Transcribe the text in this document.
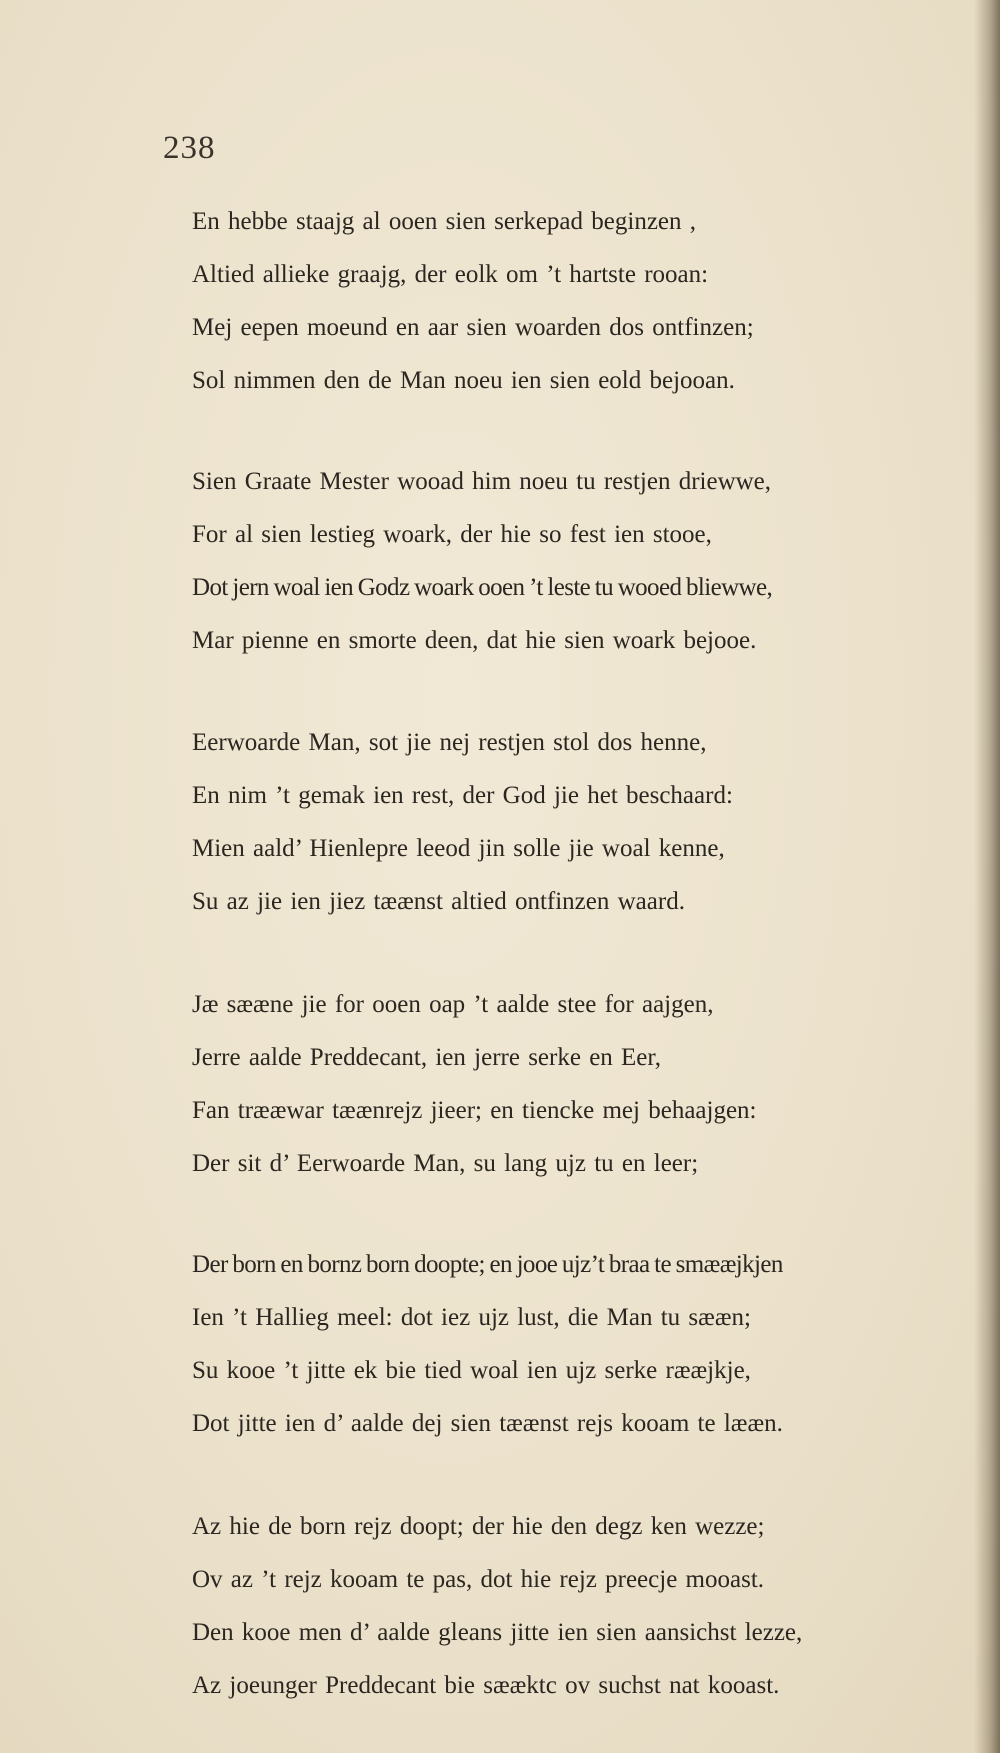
238
En hebbe staajg al ooen sien serkepad beginzen ,
Altied allieke graajg, der eolk om ’t hartste rooan:
Mej eepen moeund en aar sien woarden dos ontfinzen;
Sol nimmen den de Man noeu ien sien eold bejooan.
Sien Graate Mester wooad him noeu tu restjen driewwe,
For al sien lestieg woark, der hie so fest ien stooe,
Dot jern woal ien Godz woark ooen ’t leste tu wooed bliewwe,
Mar pienne en smorte deen, dat hie sien woark bejooe.
Eerwoarde Man, sot jie nej restjen stol dos henne,
En nim ’t gemak ien rest, der God jie het beschaard:
Mien aald’ Hienlepre leeod jin solle jie woal kenne,
Su az jie ien jiez tæænst altied ontfinzen waard.
Jæ sææne jie for ooen oap ’t aalde stee for aajgen,
Jerre aalde Preddecant, ien jerre serke en Eer,
Fan trææwar tæænrejz jieer; en tiencke mej behaajgen:
Der sit d’ Eerwoarde Man, su lang ujz tu en leer;
Der born en bornz born doopte; en jooe ujz’t braa te smææjkjen
Ien ’t Hallieg meel: dot iez ujz lust, die Man tu sææn;
Su kooe ’t jitte ek bie tied woal ien ujz serke rææjkje,
Dot jitte ien d’ aalde dej sien tæænst rejs kooam te lææn.
Az hie de born rejz doopt; der hie den degz ken wezze;
Ov az ’t rejz kooam te pas, dot hie rejz preecje mooast.
Den kooe men d’ aalde gleans jitte ien sien aansichst lezze,
Az joeunger Preddecant bie sææktc ov suchst nat kooast.
